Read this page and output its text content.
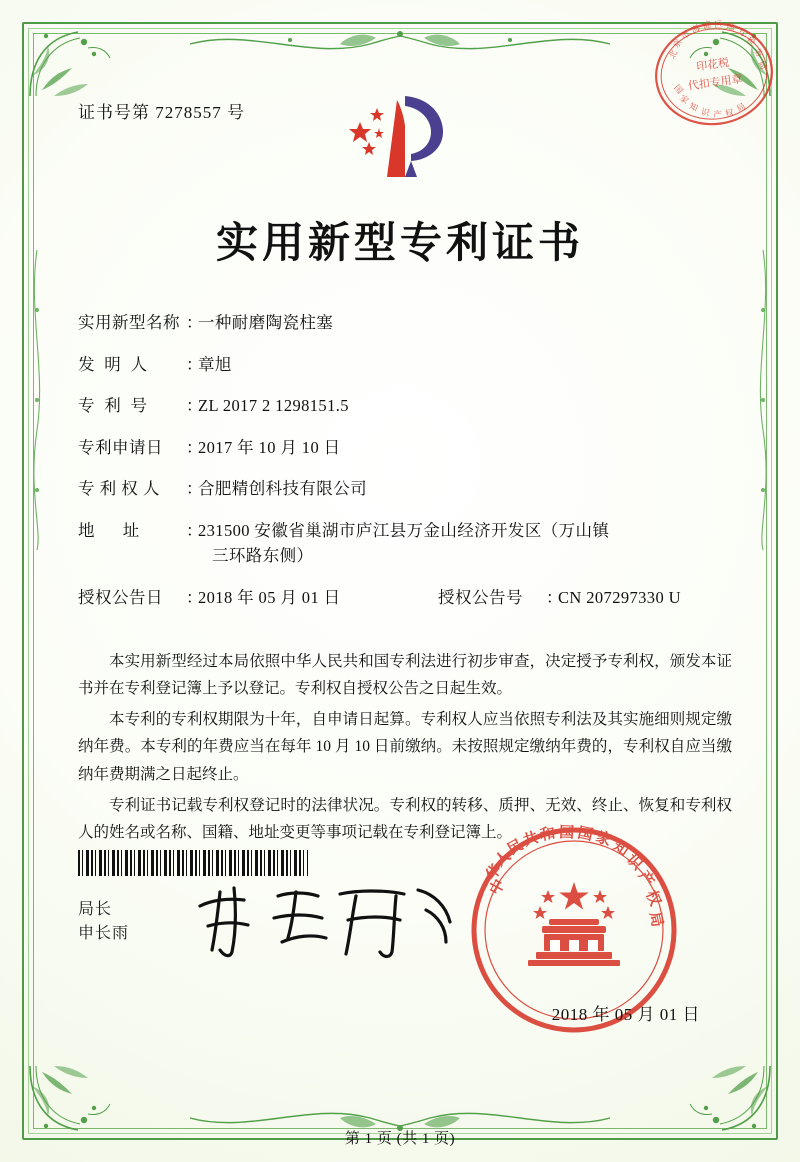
印花税
代扣专用章
北
京
市
海 淀 区 地 方
税
务
局
国
家
知 识 产 权 局
证书号第 7278557 号
实用新型专利证书
实用新型名称 ：
一种耐磨陶瓷柱塞
发  明  人	：
章旭
专  利  号	：
ZL 2017 2 1298151.5
专利申请日	：
2017 年 10 月 10 日
专 利 权 人	：
合肥精创科技有限公司
地      址	：
231500 安徽省巢湖市庐江县万金山经济开发区（万山镇
三环路东侧）
授权公告日	：
2018 年 05 月 01 日	授权公告号	：
CN 207297330 U

本实用新型经过本局依照中华人民共和国专利法进行初步审查，决定授予专利权，颁发本证书并在专利登记簿上予以登记。专利权自授权公告之日起生效。

本专利的专利权期限为十年，自申请日起算。专利权人应当依照专利法及其实施细则规定缴纳年费。本专利的年费应当在每年 10 月 10 日前缴纳。未按照规定缴纳年费的，专利权自应当缴纳年费期满之日起终止。

专利证书记载专利权登记时的法律状况。专利权的转移、质押、无效、终止、恢复和专利权人的姓名或名称、国籍、地址变更等事项记载在专利登记簿上。

局长
申长雨
中
华
人
民
共
和 国 国
家
知
识
产
权
局
2018 年 05 月 01 日
第 1 页 (共 1 页)
